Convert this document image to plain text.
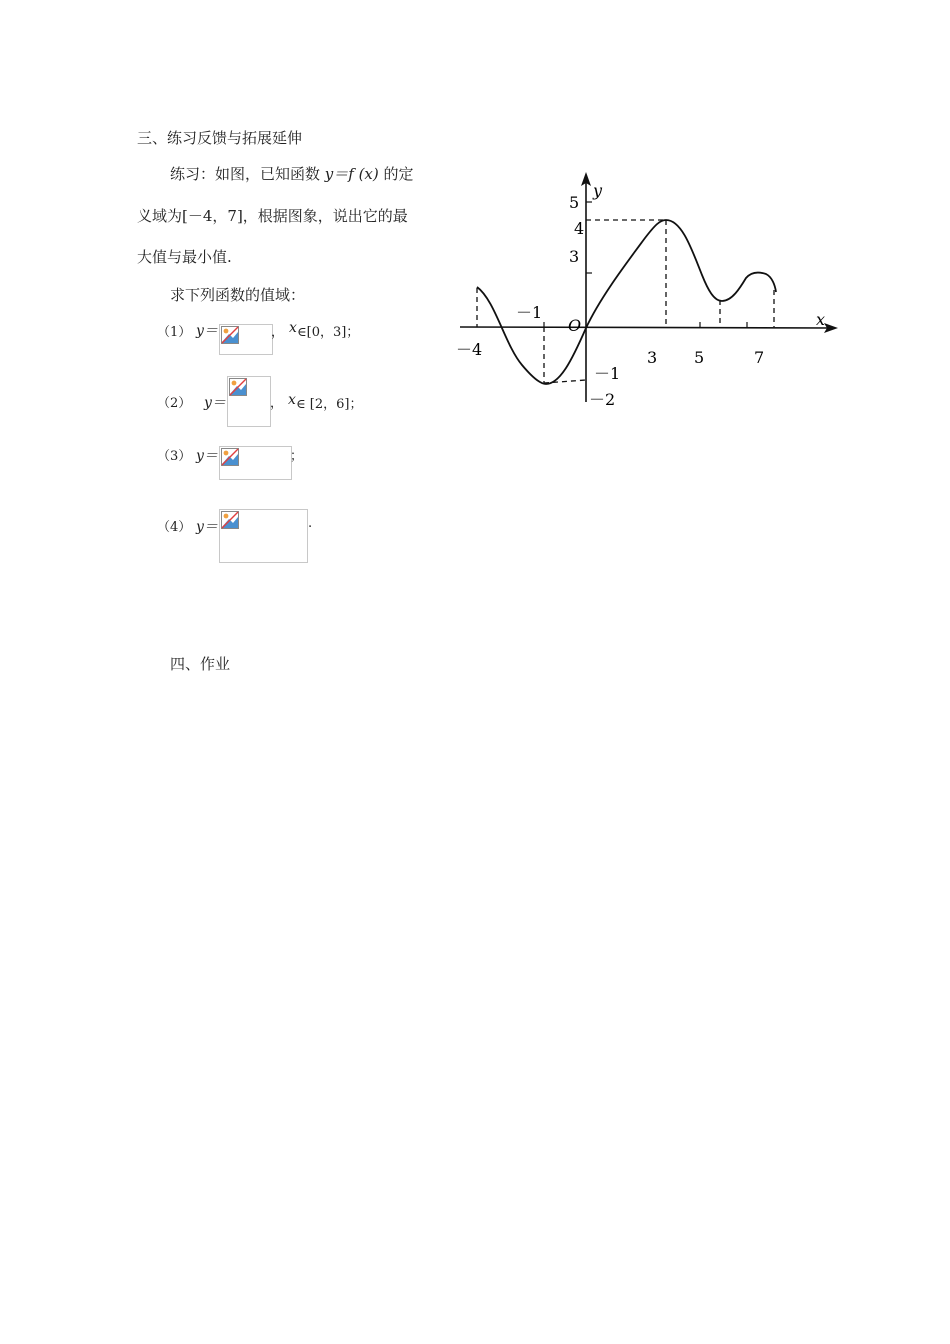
三、练习反馈与拓展延伸
练习：如图，已知函数 y＝f (x) 的定
义域为[－4，7]，根据图象，说出它的最
大值与最小值.
求下列函数的值域：
（1） y＝	， x ∈[0，3]；
（2） y＝	， x ∈ [2，6]；
（3） y＝	；
（4） y＝	.
四、作业
x
y
O
－4	3 5	7
－1
5
4
3
－1
－2
